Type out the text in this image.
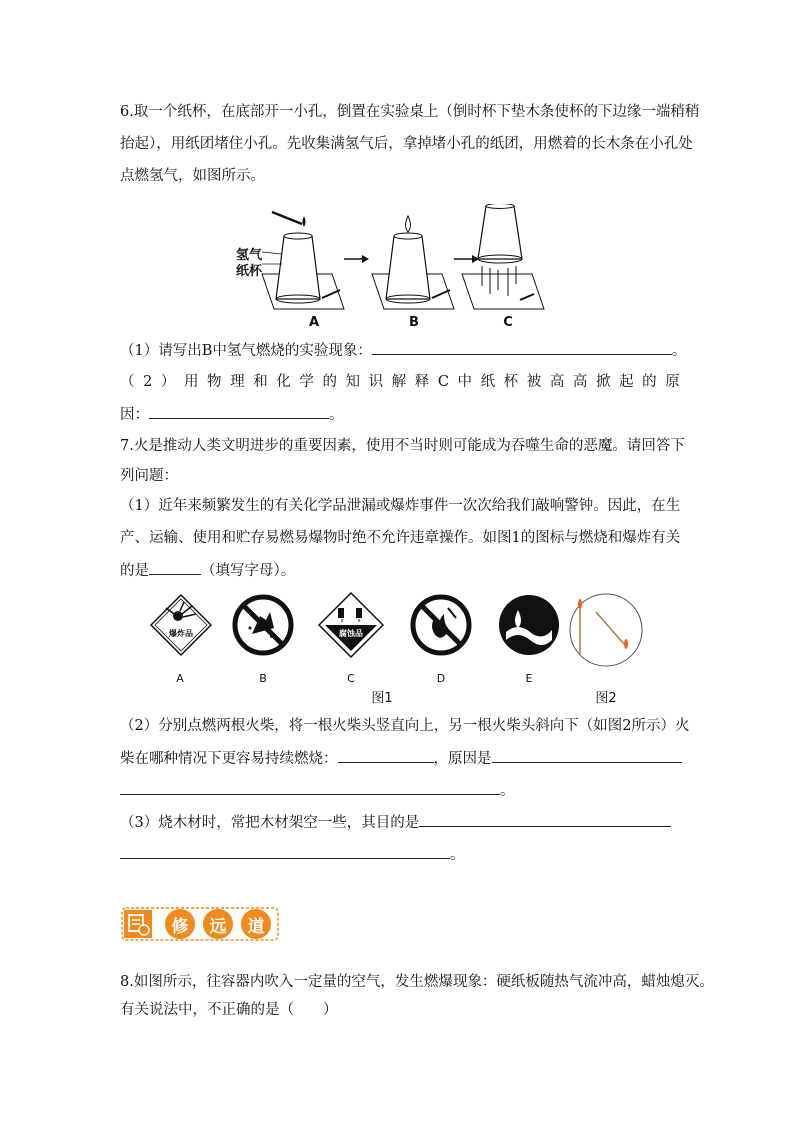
6.取一个纸杯，在底部开一小孔，倒置在实验桌上（倒时杯下垫木条使杯的下边缘一端稍稍
抬起），用纸团堵住小孔。先收集满氢气后，拿掉堵小孔的纸团，用燃着的长木条在小孔处
点燃氢气，如图所示。
氢气
纸杯
A	B	C
（1）请写出B中氢气燃烧的实验现象：	。
（ 2 ） 用 物 理 和 化 学 的 知 识 解 释 C 中 纸 杯 被 高 高 掀 起 的 原
因：	。
7.火是推动人类文明进步的重要因素，使用不当时则可能成为吞噬生命的恶魔。请回答下
列问题：
（1）近年来频繁发生的有关化学品泄漏或爆炸事件一次次给我们敲响警钟。因此，在生
产、运输、使用和贮存易燃易爆物时绝不允许违章操作。如图1的图标与燃烧和爆炸有关
的是	（填写字母）。
爆炸品	腐蚀品
A	B	C	D	E
图1	图2
（2）分别点燃两根火柴，将一根火柴头竖直向上，另一根火柴头斜向下（如图2所示）火
柴在哪种情况下更容易持续燃烧：	，原因是
。
（3）烧木材时，常把木材架空一些，其目的是
。
修	远	道
8.如图所示，往容器内吹入一定量的空气，发生燃爆现象：硬纸板随热气流冲高，蜡烛熄灭。
有关说法中，不正确的是（　　）
